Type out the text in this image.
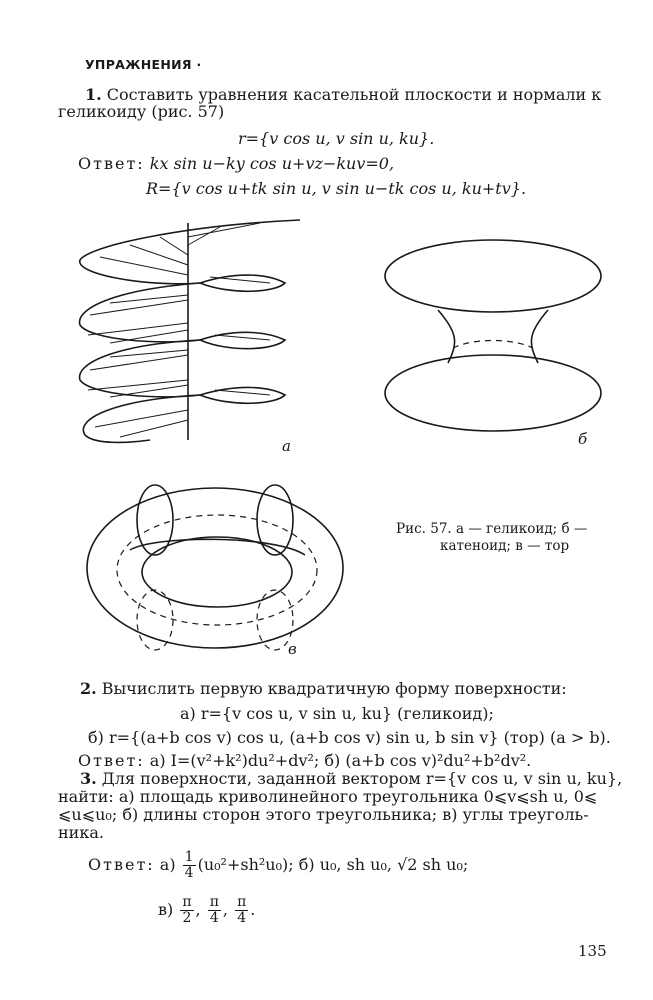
УПРАЖНЕНИЯ ·
1. Составить уравнения касательной плоскости и нормали к
геликоиду (рис. 57)
r={v cos u, v sin u, ku}.
Ответ: kx sin u−ky cos u+vz−kuv=0,
R={v cos u+tk sin u, v sin u−tk cos u, ku+tv}.
а	б
в
Рис. 57. а — геликоид; б —
катеноид; в — тор
2. Вычислить первую квадратичную форму поверхности:
а) r={v cos u, v sin u, ku} (геликоид);
б) r={(a+b cos v) cos u, (a+b cos v) sin u, b sin v} (тор) (a > b).
Ответ: а) I=(v²+k²)du²+dv²; б) (a+b cos v)²du²+b²dv².
3. Для поверхности, заданной вектором r={v cos u, v sin u, ku},
найти: а) площадь криволинейного треугольника 0⩽v⩽sh u, 0⩽
⩽u⩽u₀; б) длины сторон этого треугольника; в) углы треуголь-
ника.
Ответ: $а) \frac{1}{4} (u_0^2+sh^2u_0)$; б) u₀, sh u₀, √2 sh u₀;
$в) \frac{\pi}{2}$ , $\frac{\pi}{4}$ , $\frac{\pi}{4}$ .
135
